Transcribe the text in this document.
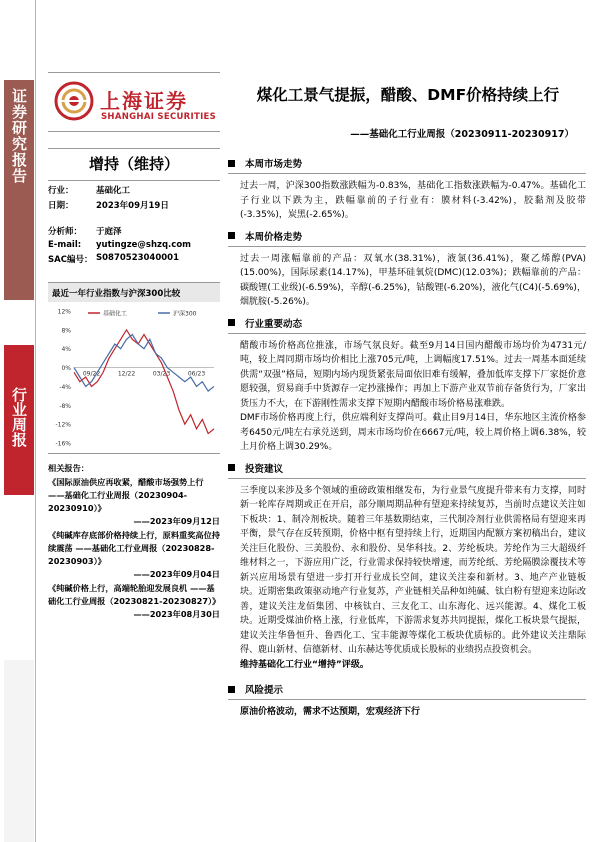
证券研究报告
行业周报
上海证券
SHANGHAI SECURITIES
煤化工景气提振，醋酸、DMF价格持续上行
——基础化工行业周报（20230911-20230917）
增持（维持）
行业：	基础化工
日期：	2023年09月19日
分析师：	于庭泽
E-mail:	yutingze@shzq.com
SAC编号： S0870523040001
最近一年行业指数与沪深300比较
12%
8%
4%
0%
-4%
-8%
-12%
-16%
09/22	12/22	03/23	06/23
基础化工	沪深300
相关报告：
《国际原油供应再收紧，醋酸市场强势上行 ——基础化工行业周报（20230904-20230910）》
——2023年09月12日
《纯碱库存底部价格持续上行，原料重奖高位持续震荡 ——基础化工行业周报（20230828-20230903）》
——2023年09月04日
《纯碱价格上行，高端轮胎迎发展良机 ——基础化工行业周报（20230821-20230827）》
——2023年08月30日
本周市场走势
过去一周，沪深300指数涨跌幅为-0.83%，基础化工指数涨跌幅为-0.47%。基础化工子行业以下跌为主，跌幅靠前的子行业有：膜材料(-3.42%)，胶黏剂及胶带(-3.35%)，炭黑(-2.65%)。
本周价格走势
过去一周涨幅靠前的产品：双氧水(38.31%)，液氯(36.41%)，聚乙烯醇(PVA)(15.00%)，国际尿素(14.17%)，甲基环硅氧烷(DMC)(12.03%)；跌幅靠前的产品：碳酸锂(工业级)(-6.59%)，辛醇(-6.25%)，钴酸锂(-6.20%)，液化气(C4)(-5.69%)，烟胱胺(-5.26%)。
行业重要动态
醋酸市场价格高位推涨，市场气氛良好。截至9月14日国内醋酸市场均价为4731元/吨，较上周同期市场均价相比上涨705元/吨，上调幅度17.51%。过去一周基本面延续供需“双强”格局，短期内场内现货紧张局面依旧难有缓解，叠加低库支撑下厂家挺价意愿较强，贸易商手中货源存一定抄涨操作；再加上下游产业双节前存备货行为，厂家出货压力不大，在下游刚性需求支撑下短期内醋酸市场价格易涨难跌。
DMF市场价格再度上行，供应端利好支撑尚可。截止目9月14日，华东地区主流价格参考6450元/吨左右承兑送到，周末市场均价在6667元/吨，较上周价格上调6.38%，较上月价格上调30.29%。
投资建议
三季度以来涉及多个领域的重磅政策相继发布，为行业景气度提升带来有力支撑，同时新一轮库存周期或正在开启，部分顺周期品种有望迎来持续复苏，当前时点建议关注如下板块：1、制冷剂板块。随着三年基数期结束，三代制冷剂行业供需格局有望迎来再平衡，景气存在反转预期，价格中枢有望持续上行，近期国内配额方案初稿出台，建议关注巨化股份、三美股份、永和股份、昊华科技。2、芳纶板块。芳纶作为三大超级纤维材料之一，下游应用广泛，行业需求保持较快增速，而芳纶纸、芳纶隔膜涂覆技术等新兴应用场景有望进一步打开行业成长空间，建议关注泰和新材。3、地产产业链板块。近期密集政策驱动地产行业复苏，产业链相关品种如纯碱、钛白粉有望迎来边际改善，建议关注龙佰集团、中核钛白、三友化工、山东海化、远兴能源。4、煤化工板块。近期受煤油价格上涨，行业低库，下游需求复苏共同提振，煤化工板块景气提振，建议关注华鲁恒升、鲁西化工、宝丰能源等煤化工板块优质标的。此外建议关注鼎际得、鹿山新材、信德新材、山东赫达等优质成长股标的业绩拐点投资机会。
维持基础化工行业“增持”评级。
风险提示
原油价格波动，需求不达预期，宏观经济下行
